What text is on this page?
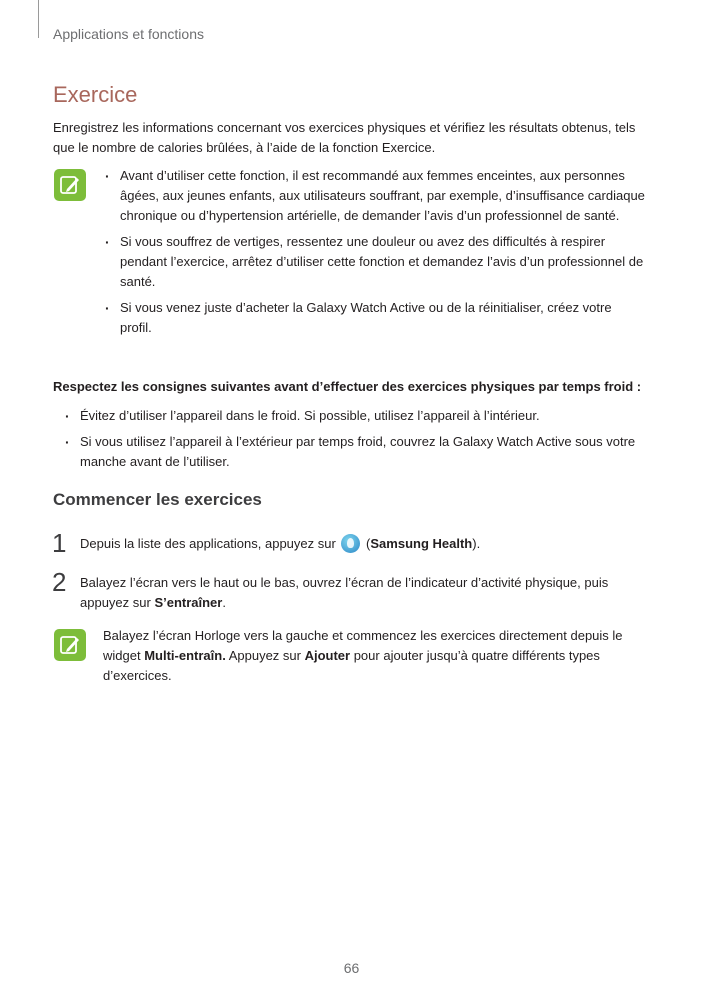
Applications et fonctions
Exercice
Enregistrez les informations concernant vos exercices physiques et vérifiez les résultats obtenus, tels que le nombre de calories brûlées, à l’aide de la fonction Exercice.
· Avant d’utiliser cette fonction, il est recommandé aux femmes enceintes, aux personnes âgées, aux jeunes enfants, aux utilisateurs souffrant, par exemple, d’insuffisance cardiaque chronique ou d’hypertension artérielle, de demander l’avis d’un professionnel de santé.
· Si vous souffrez de vertiges, ressentez une douleur ou avez des difficultés à respirer pendant l’exercice, arrêtez d’utiliser cette fonction et demandez l’avis d’un professionnel de santé.
· Si vous venez juste d’acheter la Galaxy Watch Active ou de la réinitialiser, créez votre profil.
Respectez les consignes suivantes avant d’effectuer des exercices physiques par temps froid :
· Évitez d’utiliser l’appareil dans le froid. Si possible, utilisez l’appareil à l’intérieur.
· Si vous utilisez l’appareil à l’extérieur par temps froid, couvrez la Galaxy Watch Active sous votre manche avant de l’utiliser.
Commencer les exercices
1 Depuis la liste des applications, appuyez sur  (Samsung Health).
2 Balayez l’écran vers le haut ou le bas, ouvrez l’écran de l’indicateur d’activité physique, puis appuyez sur S’entraîner.
Balayez l’écran Horloge vers la gauche et commencez les exercices directement depuis le widget Multi-entraîn. Appuyez sur Ajouter pour ajouter jusqu’à quatre différents types d’exercices.
66
